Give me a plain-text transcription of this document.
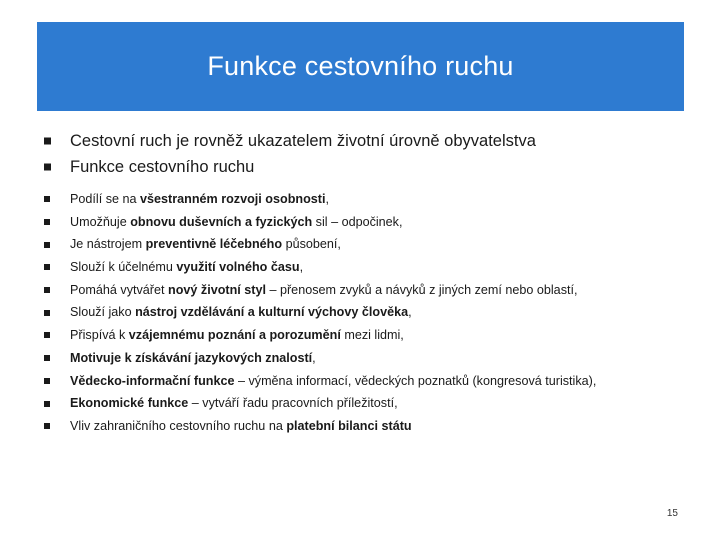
Funkce cestovního ruchu
Cestovní ruch je rovněž ukazatelem životní úrovně obyvatelstva
Funkce cestovního ruchu
Podílí se na všestranném rozvoji osobnosti,
Umožňuje obnovu duševních a fyzických sil – odpočinek,
Je nástrojem preventivně léčebného působení,
Slouží k účelnému využití volného času,
Pomáhá vytvářet nový životní styl – přenosem zvyků a návyků z jiných zemí nebo oblastí,
Slouží jako nástroj vzdělávání a kulturní výchovy člověka,
Přispívá k vzájemnému poznání a porozumění mezi lidmi,
Motivuje k získávání jazykových znalostí,
Vědecko-informační funkce – výměna informací, vědeckých poznatků (kongresová turistika),
Ekonomické funkce – vytváří řadu pracovních příležitostí,
Vliv zahraničního cestovního ruchu na platební bilanci státu
15
